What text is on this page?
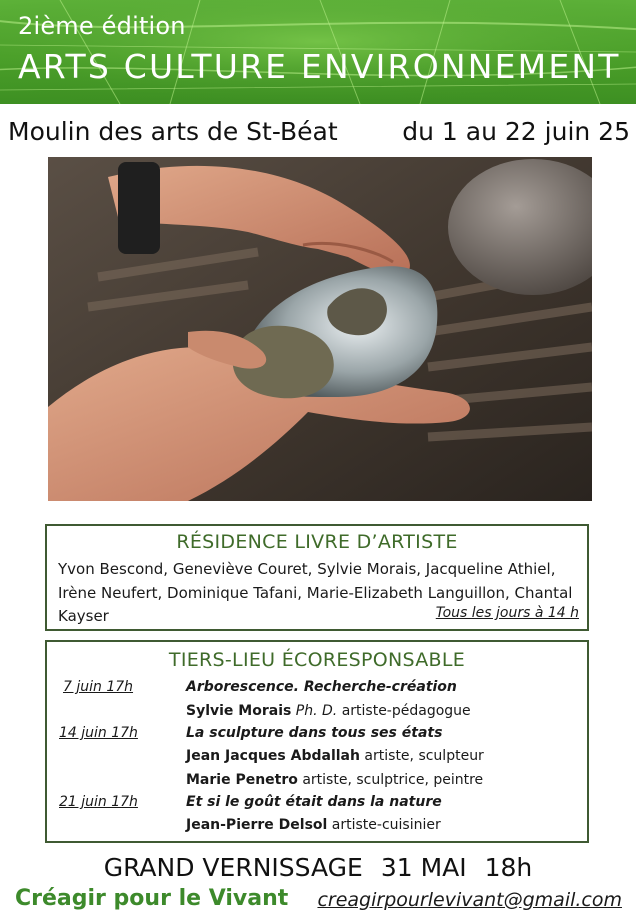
2ième édition
ARTS CULTURE ENVIRONNEMENT
Moulin des arts de St-Béat	du 1 au 22 juin 25
RÉSIDENCE LIVRE D’ARTISTE
Yvon Bescond, Geneviève Couret, Sylvie Morais, Jacqueline Athiel, Irène Neufert, Dominique Tafani, Marie-Elizabeth Languillon, Chantal Kayser	Tous les jours à 14 h
TIERS-LIEU ÉCORESPONSABLE
7 juin 17h	Arborescence. Recherche-création
Sylvie Morais Ph. D. artiste-pédagogue
14 juin 17h	La sculpture dans tous ses états
Jean Jacques Abdallah artiste, sculpteur
Marie Penetro artiste, sculptrice, peintre
21 juin 17h	Et si le goût était dans la nature
Jean-Pierre Delsol artiste-cuisinier
GRAND VERNISSAGE 31 MAI 18h
Créagir pour le Vivant creagirpourlevivant@gmail.com
